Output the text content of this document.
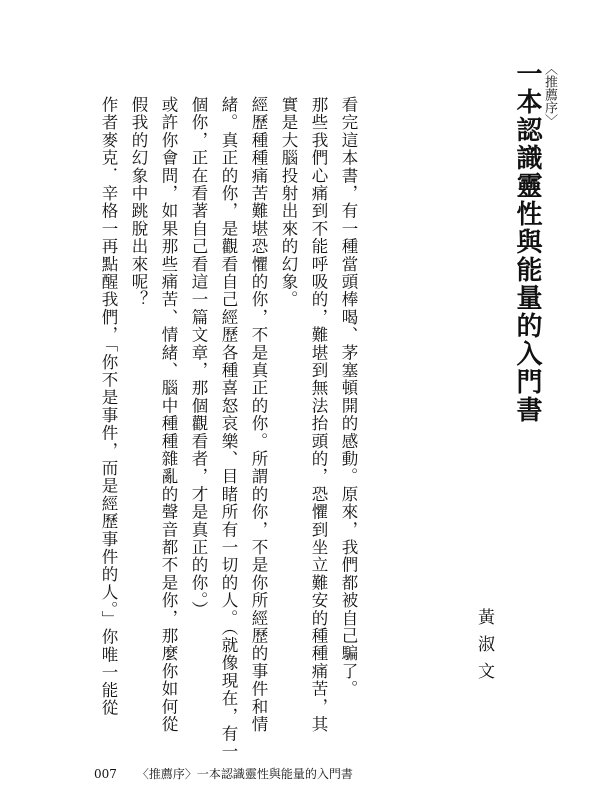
〈推薦序〉
一本認識靈性與能量的入門書
黃淑文
看完這本書，有一種當頭棒喝、茅塞頓開的感動。原來，我們都被自己騙了。
那些我們心痛到不能呼吸的，難堪到無法抬頭的，恐懼到坐立難安的種種痛苦，其
實是大腦投射出來的幻象。
經歷種種痛苦難堪恐懼的你，不是真正的你。所謂的你，不是你所經歷的事件和情
緒。真正的你，是觀看自己經歷各種喜怒哀樂、目睹所有一切的人。（就像現在，有一
個你，正在看著自己看這一篇文章，那個觀看者，才是真正的你。）
或許你會問，如果那些痛苦、情緒、腦中種種雜亂的聲音都不是你，那麼你如何從
假我的幻象中跳脫出來呢？
作者麥克．辛格一再點醒我們，「你不是事件，而是經歷事件的人。」你唯一能從
007 〈推薦序〉一本認識靈性與能量的入門書
